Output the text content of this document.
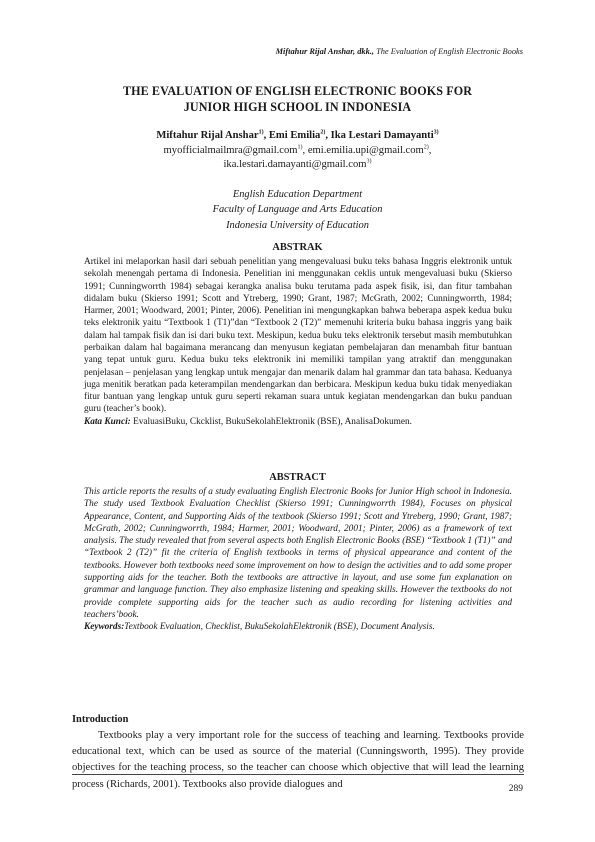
Miftahur Rijal Anshar, dkk., The Evaluation of English Electronic Books
THE EVALUATION OF ENGLISH ELECTRONIC BOOKS FOR
JUNIOR HIGH SCHOOL IN INDONESIA
Miftahur Rijal Anshar$^{1)}$, Emi Emilia$^{2)}$, Ika Lestari Damayanti$^{3)}$
myofficialmailmra@gmail.com$^{1)}$, emi.emilia.upi@gmail.com$^{2)}$,
ika.lestari.damayanti@gmail.com$^{3)}$
English Education Department
Faculty of Language and Arts Education
Indonesia University of Education
ABSTRAK
Artikel ini melaporkan hasil dari sebuah penelitian yang mengevaluasi buku teks bahasa Inggris elektronik untuk sekolah menengah pertama di Indonesia. Penelitian ini menggunakan ceklis untuk mengevaluasi buku (Skierso 1991; Cunningworrth 1984) sebagai kerangka analisa buku terutama pada aspek fisik, isi, dan fitur tambahan didalam buku (Skierso 1991; Scott and Ytreberg, 1990; Grant, 1987; McGrath, 2002; Cunningworrth, 1984; Harmer, 2001; Woodward, 2001; Pinter, 2006). Penelitian ini mengungkapkan bahwa beberapa aspek kedua buku teks elektronik yaitu “Textbook 1 (T1)”dan “Textbook 2 (T2)” memenuhi kriteria buku bahasa inggris yang baik dalam hal tampak fisik dan isi dari buku text. Meskipun, kedua buku teks elektronik tersebut masih membutuhkan perbaikan dalam hal bagaimana merancang dan menyusun kegiatan pembelajaran dan menambah fitur bantuan yang tepat untuk guru. Kedua buku teks elektronik ini memiliki tampilan yang atraktif dan menggunakan penjelasan – penjelasan yang lengkap untuk mengajar dan menarik dalam hal grammar dan tata bahasa. Keduanya juga menitik beratkan pada keterampilan mendengarkan dan berbicara. Meskipun kedua buku tidak menyediakan fitur bantuan yang lengkap untuk guru seperti rekaman suara untuk kegiatan mendengarkan dan buku panduan guru (teacher’s book).
Kata Kunci: EvaluasiBuku, Ckcklist, BukuSekolahElektronik (BSE), AnalisaDokumen.
ABSTRACT
This article reports the results of a study evaluating English Electronic Books for Junior High school in Indonesia. The study used Textbook Evaluation Checklist (Skierso 1991; Cunningworrth 1984), Focuses on physical Appearance, Content, and Supporting Aids of the textbook (Skierso 1991; Scott and Ytreberg, 1990; Grant, 1987; McGrath, 2002; Cunningworrth, 1984; Harmer, 2001; Woodward, 2001; Pinter, 2006) as a framework of text analysis. The study revealed that from several aspects both English Electronic Books (BSE) “Textbook 1 (T1)” and “Textbook 2 (T2)” fit the criteria of English textbooks in terms of physical appearance and content of the textbooks. However both textbooks need some improvement on how to design the activities and to add some proper supporting aids for the teacher. Both the textbooks are attractive in layout, and use some fun explanation on grammar and language function. They also emphasize listening and speaking skills. However the textbooks do not provide complete supporting aids for the teacher such as audio recording for listening activities and teachers’book.
Keywords:Textbook Evaluation, Checklist, BukuSekolahElektronik (BSE), Document Analysis.
Introduction
Textbooks play a very important role for the success of teaching and learning. Textbooks provide educational text, which can be used as source of the material (Cunningsworth, 1995). They provide objectives for the teaching process, so the teacher can choose which objective that will lead the learning process (Richards, 2001). Textbooks also provide dialogues and	289
